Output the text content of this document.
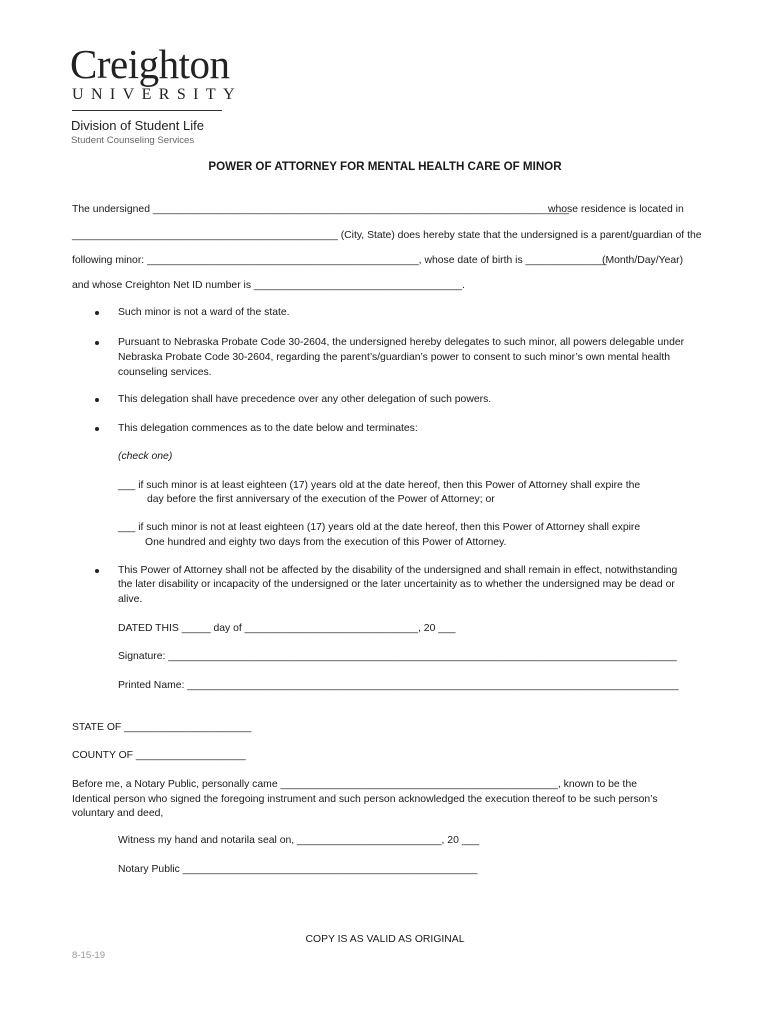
Creighton
UNIVERSITY
Division of Student Life
Student Counseling Services
POWER OF ATTORNEY FOR MENTAL HEALTH CARE OF MINOR
The undersigned ________________________________________________________________________
whose residence is located in
______________________________________________ (City, State) does hereby state that the undersigned is a parent/guardian of the
following minor: _______________________________________________, whose date of birth is ______________
(Month/Day/Year)
and whose Creighton Net ID number is ____________________________________.
Such minor is not a ward of the state.
Pursuant to Nebraska Probate Code 30-2604, the undersigned hereby delegates to such minor, all powers delegable under
Nebraska Probate Code 30-2604, regarding the parent’s/guardian’s power to consent to such minor’s own mental health
counseling services.
This delegation shall have precedence over any other delegation of such powers.
This delegation commences as to the date below and terminates:
(check one)
___ if such minor is at least eighteen (17) years old at the date hereof, then this Power of Attorney shall expire the
day before the first anniversary of the execution of the Power of Attorney; or
___ if such minor is not at least eighteen (17) years old at the date hereof, then this Power of Attorney shall expire
One hundred and eighty two days from the execution of this Power of Attorney.
This Power of Attorney shall not be affected by the disability of the undersigned and shall remain in effect, notwithstanding
the later disability or incapacity of the undersigned or the later uncertainity as to whether the undersigned may be dead or
alive.
DATED THIS _____ day of ______________________________, 20 ___
Signature: ________________________________________________________________________________________
Printed Name: _____________________________________________________________________________________
STATE OF ______________________
COUNTY OF ___________________
Before me, a Notary Public, personally came ________________________________________________, known to be the
Identical person who signed the foregoing instrument and such person acknowledged the execution thereof to be such person’s
voluntary and deed,
Witness my hand and notarila seal on, _________________________, 20 ___
Notary Public ___________________________________________________
COPY IS AS VALID AS ORIGINAL
8-15-19
